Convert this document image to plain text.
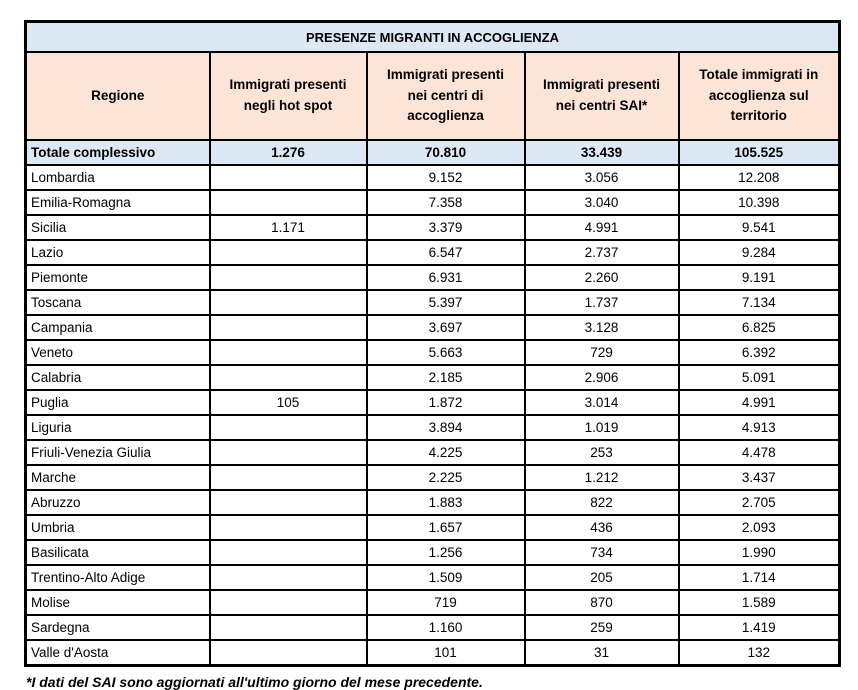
PRESENZE MIGRANTI IN ACCOGLIENZA				
Regione	Immigrati presenti negli hot spot	Immigrati presenti nei centri di accoglienza	Immigrati presenti nei centri SAI*	Totale immigrati in accoglienza sul territorio
Totale complessivo	1.276	70.810	33.439	105.525
Lombardia		9.152	3.056	12.208
Emilia-Romagna		7.358	3.040	10.398
Sicilia	1.171	3.379	4.991	9.541
Lazio		6.547	2.737	9.284
Piemonte		6.931	2.260	9.191
Toscana		5.397	1.737	7.134
Campania		3.697	3.128	6.825
Veneto		5.663	729	6.392
Calabria		2.185	2.906	5.091
Puglia	105	1.872	3.014	4.991
Liguria		3.894	1.019	4.913
Friuli-Venezia Giulia		4.225	253	4.478
Marche		2.225	1.212	3.437
Abruzzo		1.883	822	2.705
Umbria		1.657	436	2.093
Basilicata		1.256	734	1.990
Trentino-Alto Adige		1.509	205	1.714
Molise		719	870	1.589
Sardegna		1.160	259	1.419
Valle d'Aosta		101	31	132
*I dati del SAI sono aggiornati all'ultimo giorno del mese precedente.
